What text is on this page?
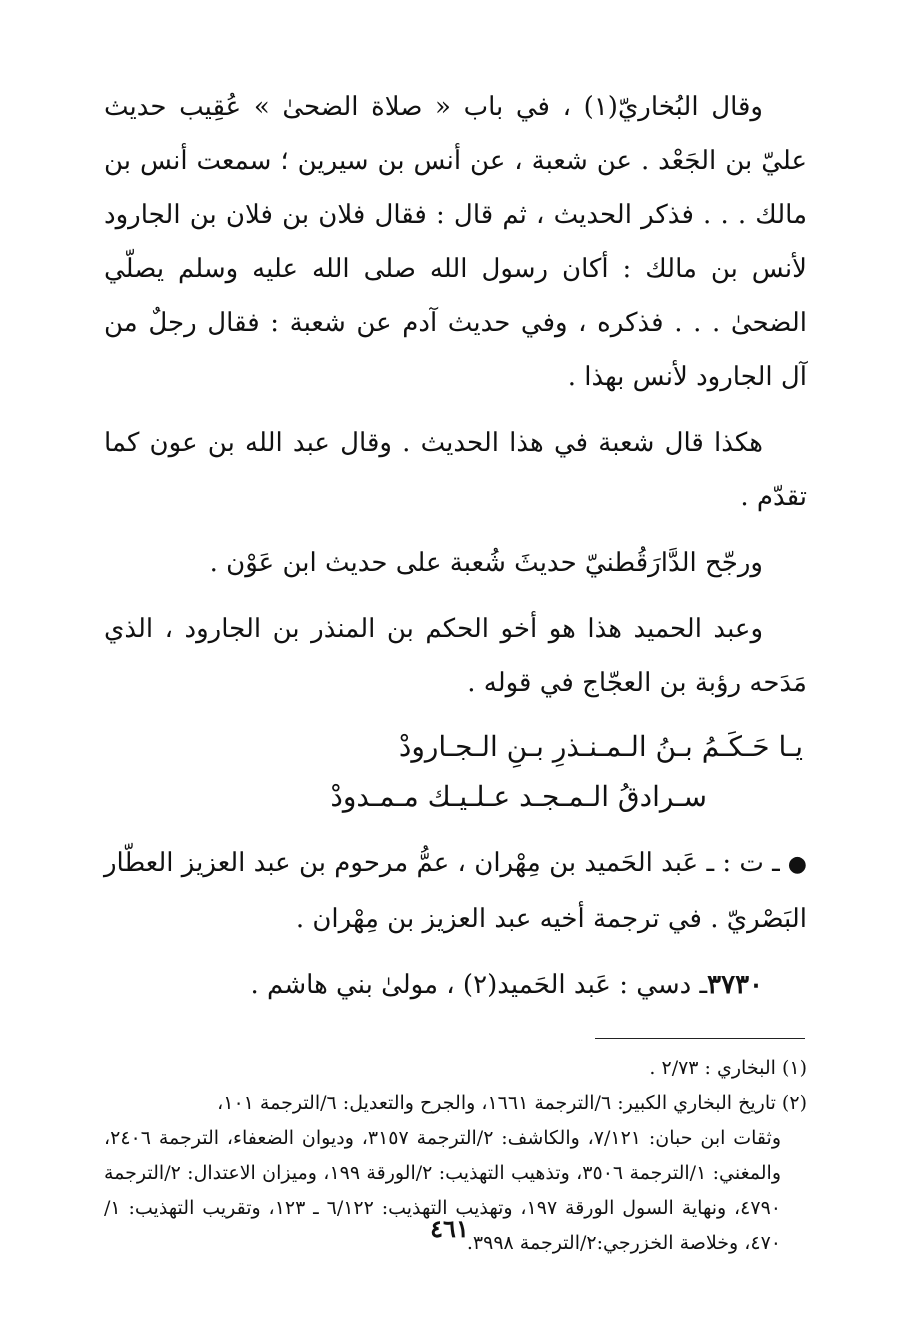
وقال البُخاريّ(١) ، في باب « صلاة الضحىٰ » عُقِيب حديث عليّ بن الجَعْد . عن شعبة ، عن أنس بن سيرين ؛ سمعت أنس بن مالك . . . فذكر الحديث ، ثم قال : فقال فلان بن فلان بن الجارود لأنس بن مالك : أكان رسول الله صلى الله عليه وسلم يصلّي الضحىٰ . . . فذكره ، وفي حديث آدم عن شعبة : فقال رجلٌ من آل الجارود لأنس بهذا .

هكذا قال شعبة في هذا الحديث . وقال عبد الله بن عون كما تقدّم .

ورجّح الدَّارَقُطنيّ حديثَ شُعبة على حديث ابن عَوْن .

وعبد الحميد هذا هو أخو الحكم بن المنذر بن الجارود ، الذي مَدَحه رؤبة بن العجّاج في قوله .

يـا حَـكَـمُ بـنُ الـمـنـذرِ بـنِ الـجـارودْ
سـرادقُ الـمـجـد عـلـيـك مـمـدودْ

●ـ ت : ـ عَبد الحَميد بن مِهْران ، عمُّ مرحوم بن عبد العزيز العطّار البَصْريّ . في ترجمة أخيه عبد العزيز بن مِهْران .

٣٧٣٠ـ دسي : عَبد الحَميد(٢) ، مولىٰ بني هاشم .

(١) البخاري : ٢/٧٣ .

(٢) تاريخ البخاري الكبير: ٦/الترجمة ١٦٦١، والجرح والتعديل: ٦/الترجمة ١٠١،
وثقات ابن حبان: ٧/١٢١، والكاشف: ٢/الترجمة ٣١٥٧، وديوان الضعفاء، الترجمة ٢٤٠٦، والمغني: ١/الترجمة ٣٥٠٦، وتذهيب التهذيب: ٢/الورقة ١٩٩، وميزان الاعتدال: ٢/الترجمة ٤٧٩٠، ونهاية السول الورقة ١٩٧، وتهذيب التهذيب: ٦/١٢٢ ـ ١٢٣، وتقريب التهذيب: ١/ ٤٧٠، وخلاصة الخزرجي:٢/الترجمة ٣٩٩٨.

٤٦١
